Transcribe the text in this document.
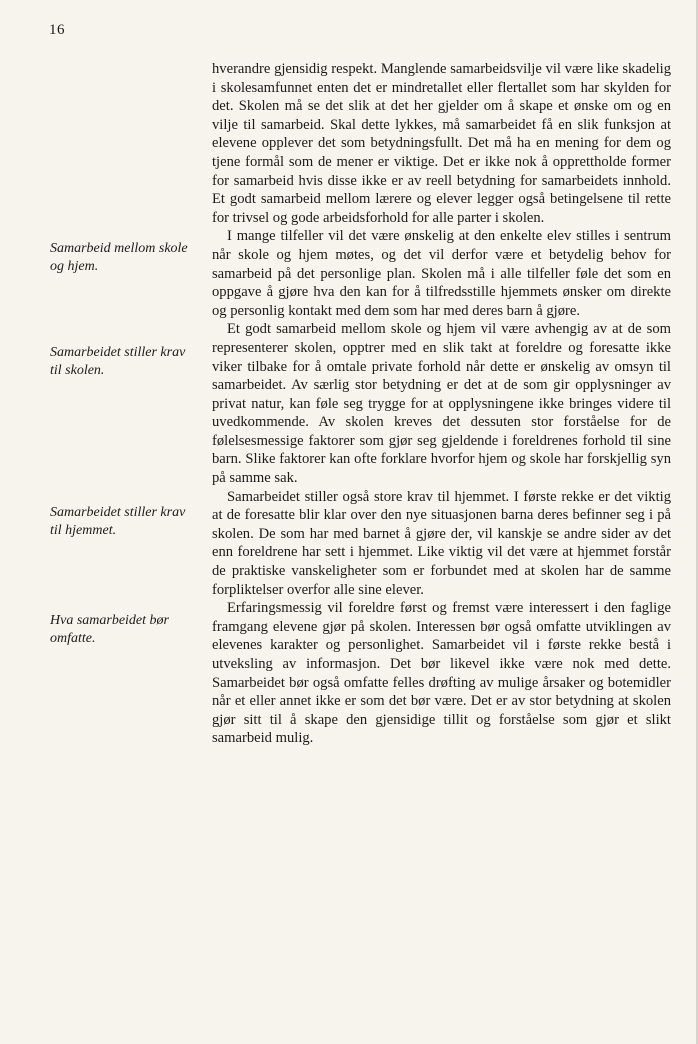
16
Samarbeid mellom skole og hjem.
Samarbeidet stiller krav til skolen.
Samarbeidet stiller krav til hjemmet.
Hva samarbeidet bør omfatte.

hverandre gjensidig respekt. Manglende samarbeidsvilje vil være like skadelig i skolesamfunnet enten det er mindretallet eller flertallet som har skylden for det. Skolen må se det slik at det her gjelder om å skape et ønske om og en vilje til samarbeid. Skal dette lykkes, må samarbeidet få en slik funksjon at elevene opplever det som betydningsfullt. Det må ha en mening for dem og tjene formål som de mener er viktige. Det er ikke nok å opprettholde former for samarbeid hvis disse ikke er av reell betydning for samarbeidets innhold. Et godt samarbeid mellom lærere og elever legger også betingelsene til rette for trivsel og gode arbeidsforhold for alle parter i skolen.

I mange tilfeller vil det være ønskelig at den enkelte elev stilles i sentrum når skole og hjem møtes, og det vil derfor være et betydelig behov for samarbeid på det personlige plan. Skolen må i alle tilfeller føle det som en oppgave å gjøre hva den kan for å tilfredsstille hjemmets ønsker om direkte og personlig kontakt med dem som har med deres barn å gjøre.

Et godt samarbeid mellom skole og hjem vil være avhengig av at de som representerer skolen, opptrer med en slik takt at foreldre og foresatte ikke viker tilbake for å omtale private forhold når dette er ønskelig av omsyn til samarbeidet. Av særlig stor betydning er det at de som gir opplysninger av privat natur, kan føle seg trygge for at opplysningene ikke bringes videre til uvedkommende. Av skolen kreves det dessuten stor forståelse for de følelsesmessige faktorer som gjør seg gjeldende i foreldrenes forhold til sine barn. Slike faktorer kan ofte forklare hvorfor hjem og skole har forskjellig syn på samme sak.

Samarbeidet stiller også store krav til hjemmet. I første rekke er det viktig at de foresatte blir klar over den nye situasjonen barna deres befinner seg i på skolen. De som har med barnet å gjøre der, vil kanskje se andre sider av det enn foreldrene har sett i hjemmet. Like viktig vil det være at hjemmet forstår de praktiske vanskeligheter som er forbundet med at skolen har de samme forpliktelser overfor alle sine elever.

Erfaringsmessig vil foreldre først og fremst være interessert i den faglige framgang elevene gjør på skolen. Interessen bør også omfatte utviklingen av elevenes karakter og personlighet. Samarbeidet vil i første rekke bestå i utveksling av informasjon. Det bør likevel ikke være nok med dette. Samarbeidet bør også omfatte felles drøfting av mulige årsaker og botemidler når et eller annet ikke er som det bør være. Det er av stor betydning at skolen gjør sitt til å skape den gjensidige tillit og forståelse som gjør et slikt samarbeid mulig.
